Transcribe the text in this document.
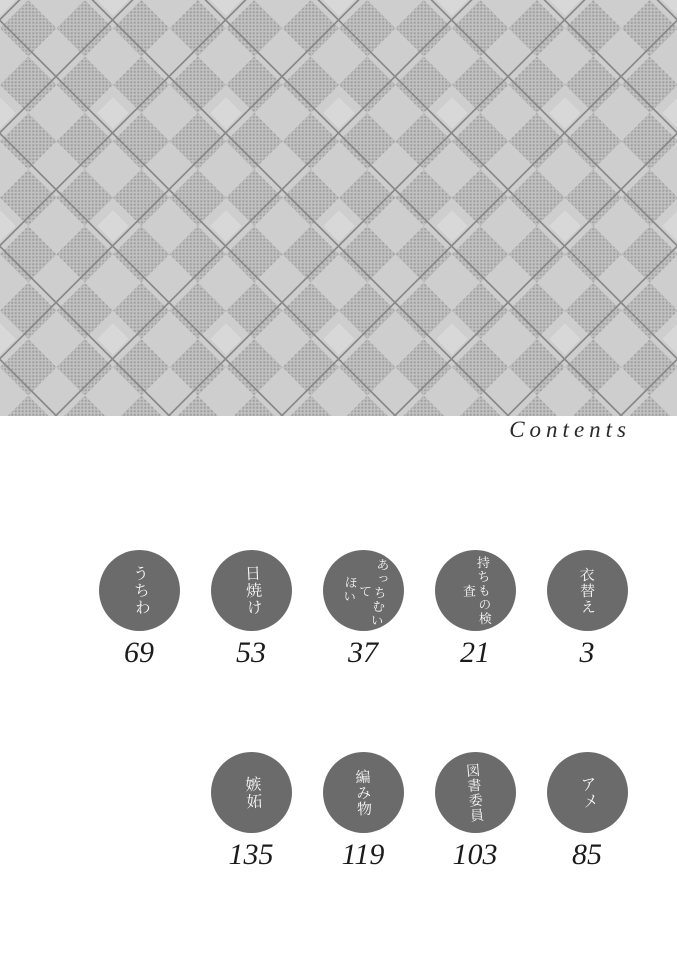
Contents
うちわ
69
日焼け
53
あっちむいて
ほい
37
持ちもの検査
21
衣替え
3
嫉妬
135
編み物
119
図書委員
103
アメ
85
